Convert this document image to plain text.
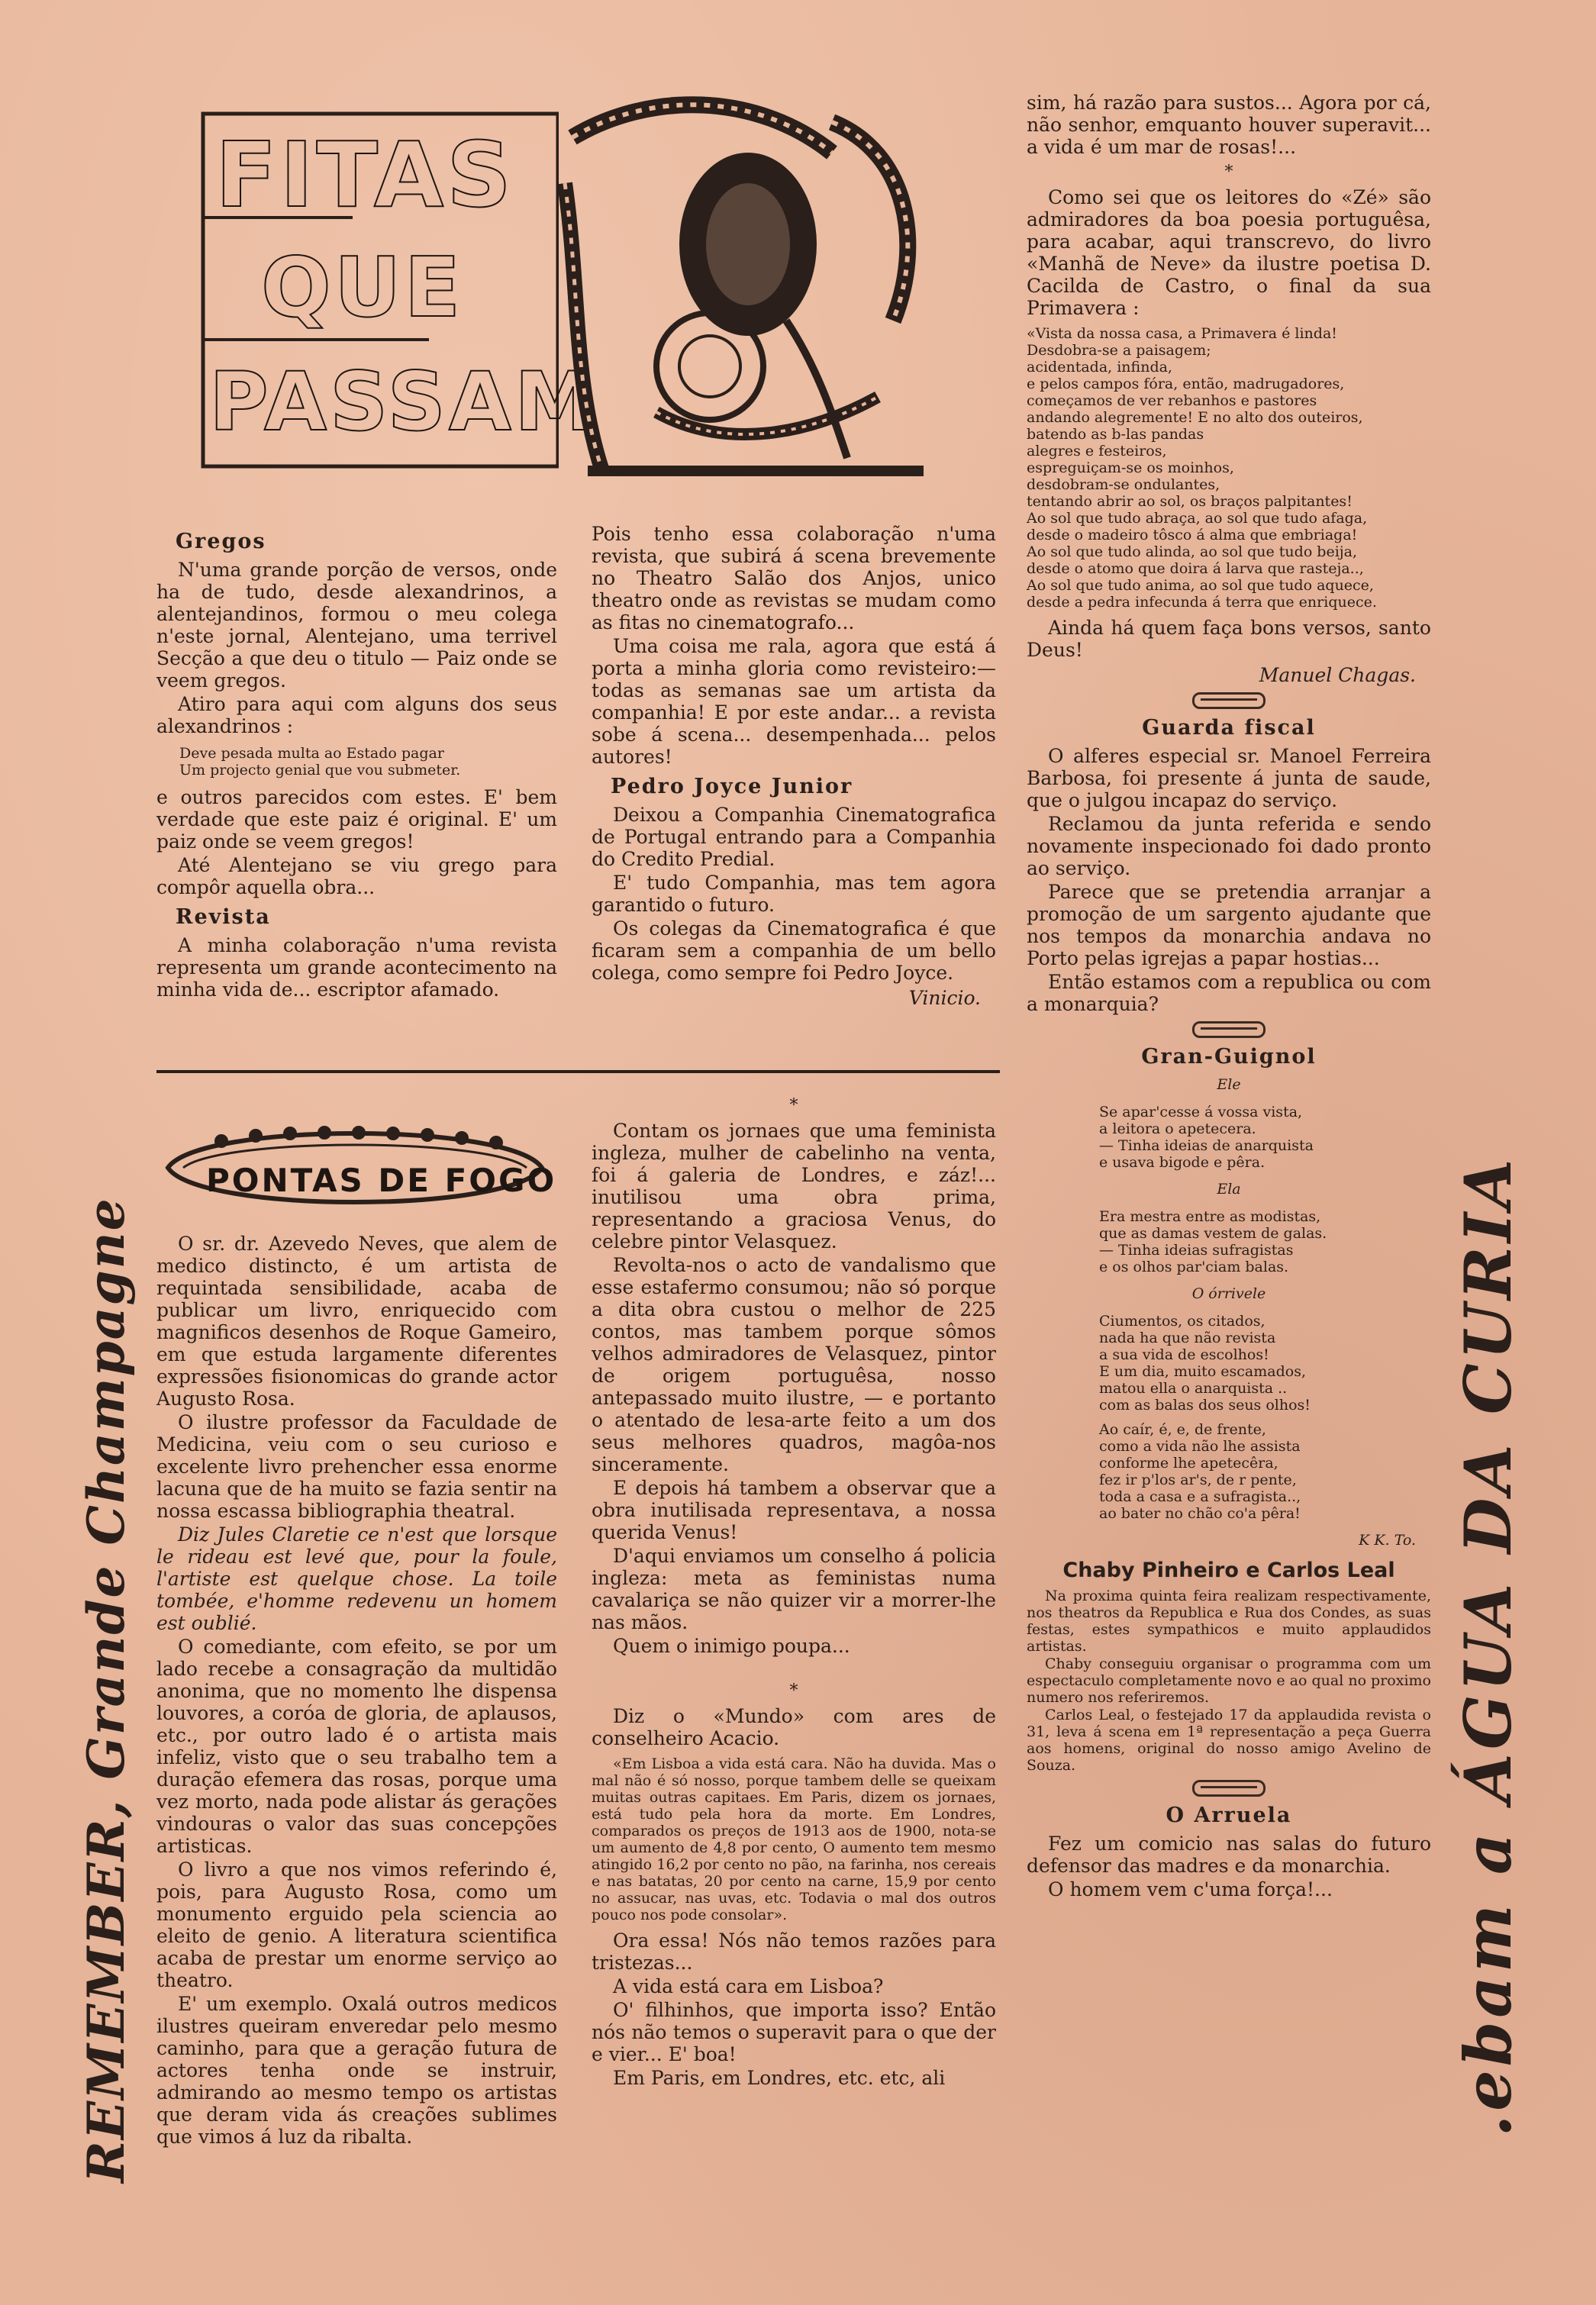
FITAS
QUE
PASSAM
REMEMBER, Grande Champagne	.ebam a ÁGUA DA CURIA
Gregos

N'uma grande porção de versos, onde ha de tudo, desde alexandrinos, a alentejandinos, formou o meu colega n'este jornal, Alentejano, uma terrivel Secção a que deu o titulo — Paiz onde se veem gregos.

Atiro para aqui com alguns dos seus alexandrinos :

Deve pesada multa ao Estado pagar
Um projecto genial que vou submeter.

e outros parecidos com estes. E' bem verdade que este paiz é original. E' um paiz onde se veem gregos!

Até Alentejano se viu grego para compôr aquella obra...

Revista

A minha colaboração n'uma revista representa um grande acontecimento na minha vida de... escriptor afamado.

Pois tenho essa colaboração n'uma revista, que subirá á scena brevemente no Theatro Salão dos Anjos, unico theatro onde as revistas se mudam como as fitas no cinematografo...

Uma coisa me rala, agora que está á porta a minha gloria como revisteiro:— todas as semanas sae um artista da companhia! E por este andar... a revista sobe á scena... desempenhada... pelos autores!

Pedro Joyce Junior

Deixou a Companhia Cinematografica de Portugal entrando para a Companhia do Credito Predial.

E' tudo Companhia, mas tem agora garantido o futuro.

Os colegas da Cinematografica é que ficaram sem a companhia de um bello colega, como sempre foi Pedro Joyce.

Vinicio.
PONTAS DE FOGO

O sr. dr. Azevedo Neves, que alem de medico distincto, é um artista de requintada sensibilidade, acaba de publicar um livro, enriquecido com magnificos desenhos de Roque Gameiro, em que estuda largamente diferentes expressões fisionomicas do grande actor Augusto Rosa.

O ilustre professor da Faculdade de Medicina, veiu com o seu curioso e excelente livro prehencher essa enorme lacuna que de ha muito se fazia sentir na nossa escassa bibliographia theatral.

Diz Jules Claretie ce n'est que lorsque le rideau est levé que, pour la foule, l'artiste est quelque chose. La toile tombée, e'homme redevenu un homem est oublié.

O comediante, com efeito, se por um lado recebe a consagração da multidão anonima, que no momento lhe dispensa louvores, a coróa de gloria, de aplausos, etc., por outro lado é o artista mais infeliz, visto que o seu trabalho tem a duração efemera das rosas, porque uma vez morto, nada pode alistar ás gerações vindouras o valor das suas concepções artisticas.

O livro a que nos vimos referindo é, pois, para Augusto Rosa, como um monumento erguido pela sciencia ao eleito de genio. A literatura scientifica acaba de prestar um enorme serviço ao theatro.

E' um exemplo. Oxalá outros medicos ilustres queiram enveredar pelo mesmo caminho, para que a geração futura de actores tenha onde se instruir, admirando ao mesmo tempo os artistas que deram vida ás creações sublimes que vimos á luz da ribalta.

*

Contam os jornaes que uma feminista ingleza, mulher de cabelinho na venta, foi á galeria de Londres, e záz!... inutilisou uma obra prima, representando a graciosa Venus, do celebre pintor Velasquez.

Revolta-nos o acto de vandalismo que esse estafermo consumou; não só porque a dita obra custou o melhor de 225 contos, mas tambem porque sômos velhos admiradores de Velasquez, pintor de origem portuguêsa, nosso antepassado muito ilustre, — e portanto o atentado de lesa-arte feito a um dos seus melhores quadros, magôa-nos sinceramente.

E depois há tambem a observar que a obra inutilisada representava, a nossa querida Venus!

D'aqui enviamos um conselho á policia ingleza: meta as feministas numa cavalariça se não quizer vir a morrer-lhe nas mãos.

Quem o inimigo poupa...

*

Diz o «Mundo» com ares de conselheiro Acacio.

«Em Lisboa a vida está cara. Não ha duvida. Mas o mal não é só nosso, porque tambem delle se queixam muitas outras capitaes. Em Paris, dizem os jornaes, está tudo pela hora da morte. Em Londres, comparados os preços de 1913 aos de 1900, nota-se um aumento de 4,8 por cento, O aumento tem mesmo atingido 16,2 por cento no pão, na farinha, nos cereais e nas batatas, 20 por cento na carne, 15,9 por cento no assucar, nas uvas, etc. Todavia o mal dos outros pouco nos pode consolar».

Ora essa! Nós não temos razões para tristezas...

A vida está cara em Lisboa?

O' filhinhos, que importa isso? Então nós não temos o superavit para o que der e vier... E' boa!

Em Paris, em Londres, etc. etc, ali

sim, há razão para sustos... Agora por cá, não senhor, emquanto houver superavit... a vida é um mar de rosas!...

*

Como sei que os leitores do «Zé» são admiradores da boa poesia portuguêsa, para acabar, aqui transcrevo, do livro «Manhã de Neve» da ilustre poetisa D. Cacilda de Castro, o final da sua Primavera :

«Vista da nossa casa, a Primavera é linda!
Desdobra-se a paisagem;
acidentada, infinda,
e pelos campos fóra, então, madrugadores,
começamos de ver rebanhos e pastores
andando alegremente! E no alto dos outeiros,
batendo as b-las pandas
alegres e festeiros,
espreguiçam-se os moinhos,
desdobram-se ondulantes,
tentando abrir ao sol, os braços palpitantes!
Ao sol que tudo abraça, ao sol que tudo afaga,
desde o madeiro tôsco á alma que embriaga!
Ao sol que tudo alinda, ao sol que tudo beija,
desde o atomo que doira á larva que rasteja..,
Ao sol que tudo anima, ao sol que tudo aquece,
desde a pedra infecunda á terra que enriquece.

Ainda há quem faça bons versos, santo Deus!

Manuel Chagas.
Guarda fiscal

O alferes especial sr. Manoel Ferreira Barbosa, foi presente á junta de saude, que o julgou incapaz do serviço.

Reclamou da junta referida e sendo novamente inspecionado foi dado pronto ao serviço.

Parece que se pretendia arranjar a promoção de um sargento ajudante que nos tempos da monarchia andava no Porto pelas igrejas a papar hostias...

Então estamos com a republica ou com a monarquia?

Gran-Guignol
Ele
Se apar'cesse á vossa vista,
a leitora o apetecera.
— Tinha ideias de anarquista
e usava bigode e pêra.
Ela
Era mestra entre as modistas,
que as damas vestem de galas.
— Tinha ideias sufragistas
e os olhos par'ciam balas.
O órrivele
Ciumentos, os citados,
nada ha que não revista
a sua vida de escolhos!
E um dia, muito escamados,
matou ella o anarquista ..
com as balas dos seus olhos!
Ao caír, é, e, de frente,
como a vida não lhe assista
conforme lhe apetecêra,
fez ir p'los ar's, de r pente,
toda a casa e a sufragista..,
ao bater no chão co'a pêra!
K K. To.
Chaby Pinheiro e Carlos Leal

Na proxima quinta feira realizam respectivamente, nos theatros da Republica e Rua dos Condes, as suas festas, estes sympathicos e muito applaudidos artistas.

Chaby conseguiu organisar o programma com um espectaculo completamente novo e ao qual no proximo numero nos referiremos.

Carlos Leal, o festejado 17 da applaudida revista o 31, leva á scena em 1ª representação a peça Guerra aos homens, original do nosso amigo Avelino de Souza.

O Arruela

Fez um comicio nas salas do futuro defensor das madres e da monarchia.

O homem vem c'uma força!...
